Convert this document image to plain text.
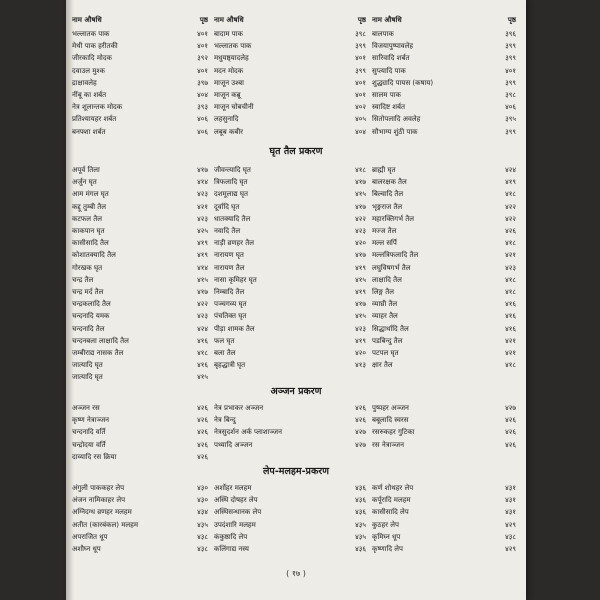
नाम औषधि	पृष्ठ नाम औषधि	पृष्ठ नाम औषधि	पृष्ठ
भल्लातक पाक	४०१ बादाम पाक	३९८ बालपाक	३९६
मेथी पाक हरीतकी	४०१ भल्लातक पाक	३९९ विजयापुष्पावलेह	३९९
जीरकादि मोदक	३९२ मधुयष्ठ्यादलेह	४०१ सारिवादि शर्बत	३९९
दवाउल मुश्क	४०१ मदन मोदक	३९९ सुप्त्यादि पाक	४०१
द्राक्षावलेह	३९७ माजून उश्बा	४०१ शुद्ध्यादि पायस (कषाय)	३९९
नींबू का शर्बत	४०४ माजून कब्रू	४०१ सालम पाक	३९८
नेत्र शूलान्तक मोदक	३९३ माजून चोबचीनी	४०२ स्वादिष्ट शर्बत	४०६
प्रतिश्यायहर शर्बत	४०६ लहसुनादि	४०५ सितोपलादि अवलेह	३९५
बनफ्शा शर्बत	४०६ लबूब कबीर	४०४ सौभाग्य शुंठी पाक	३९९
घृत तैल प्रकरण
अपूर्व तिला	४१७ जीवन्त्यादि घृत	४१८ ब्राह्मी घृत	४२४
अर्जुन घृत	४१४ त्रिफलादि घृत	४१७ बालरक्षक तैल	४१९
आम मंगल घृत	४२३ दशमूलाद्य घृत	४१५ बिल्वादि तैल	४१८
कद्दू तुम्बी तैल	४२१ दूर्वादि घृत	४१७ भृङ्गराज तैल	४२२
कटफल तैल	४२३ धातक्यादि तैल	४२२ महारक्तिगर्भ तैल	४२२
काकपान घृत	४२५ नवादि तैल	४२३ मज्ज तैल	४२६
कासीसादि तैल	४१९ नाड़ी व्रणहर तैल	४२० मल्ल सर्पि	४१८
कोशातक्यादि तैल	४१९ नारायण घृत	४१७ मल्लत्रिफलादि तैल	४२१
गोरखक घृत	४१४ नारायण तैल	४१९ लघुविषगर्भ तैल	४२३
चन्द्र तैल	४१५ नासा कृमिहर घृत	४१५ लाक्षादि तैल	४१८
चन्द्र मर्द तैल	४१७ निम्बादि तैल	४१९ लिङ्ग तैल	४१८
चन्द्रकलादि तैल	४२२ पञ्चगव्य घृत	४१७ व्याघ्री तैल	४१६
चन्दनादि यमक	४२३ पंचतिक्त घृत	४१५ व्याहर तैल	४१६
चन्दनादि तैल	४२४ पीड़ा शामक तैल	४२३ सिद्धार्थादि तैल	४१६
चन्दनबला लाक्षादि तैल	४१६ फल घृत	४१९ पडबिन्दु तैल	४२१
जम्बीराद्य नासक तैल	४१८ बला तैल	४२० पटपल घृत	४२१
जात्यादि घृत	४१६ बृहद्धात्री घृत	४१३ क्षार तैल	४१८
जात्यादि घृत	४१५
अञ्जन प्रकरण
अञ्जन रस	४२६ नेत्र प्रभाकर अञ्जन	४२६ पुष्पहर अञ्जन	४२७
कृष्ण नेत्राञ्जन	४२६ नेत्र बिन्दु	४२६ बबूलादि स्वरस	४२६
चन्दनादि वर्ति	४२६ नेत्रसुदर्शन अर्क प्लाशाञ्जन	४२७ रसरुकहर गुटिका	४२६
चन्द्रोदया वर्ति	४२६ पथ्यादि अञ्जन	४२७ रस नेत्राञ्जन	४२६
दाव्यादि रस क्रिया	४२६
लेप-मलहम-प्रकरण
अंगुली पाककहर लेप	४३० अर्शोहर मलहम	४३६ कर्ण शोथहर लेप	४३१
अंजन नामिकाहर लेप	४३० अस्थि दोषहर लेप	४३६ कर्पूरादि मलहम	४३१
अग्निदग्ध व्रणहर मलहम	४३४ अस्थिसन्धानक लेप	४३६ कासीसादि लेप	४३१
अतीत (कारबंकल) मलहम	४३५ उपदंशारि मलहम	४३५ कुठहर लेप	४२९
अपराजित धूप	४३८ कंकुष्ठादि लेप	४३५ कृमिघ्न धूप	४३८
अशौघ्न धूप	४३८ कलिंगाद्य नस्य	४३६ कृष्णादि लेप	४२९
( १७ )
